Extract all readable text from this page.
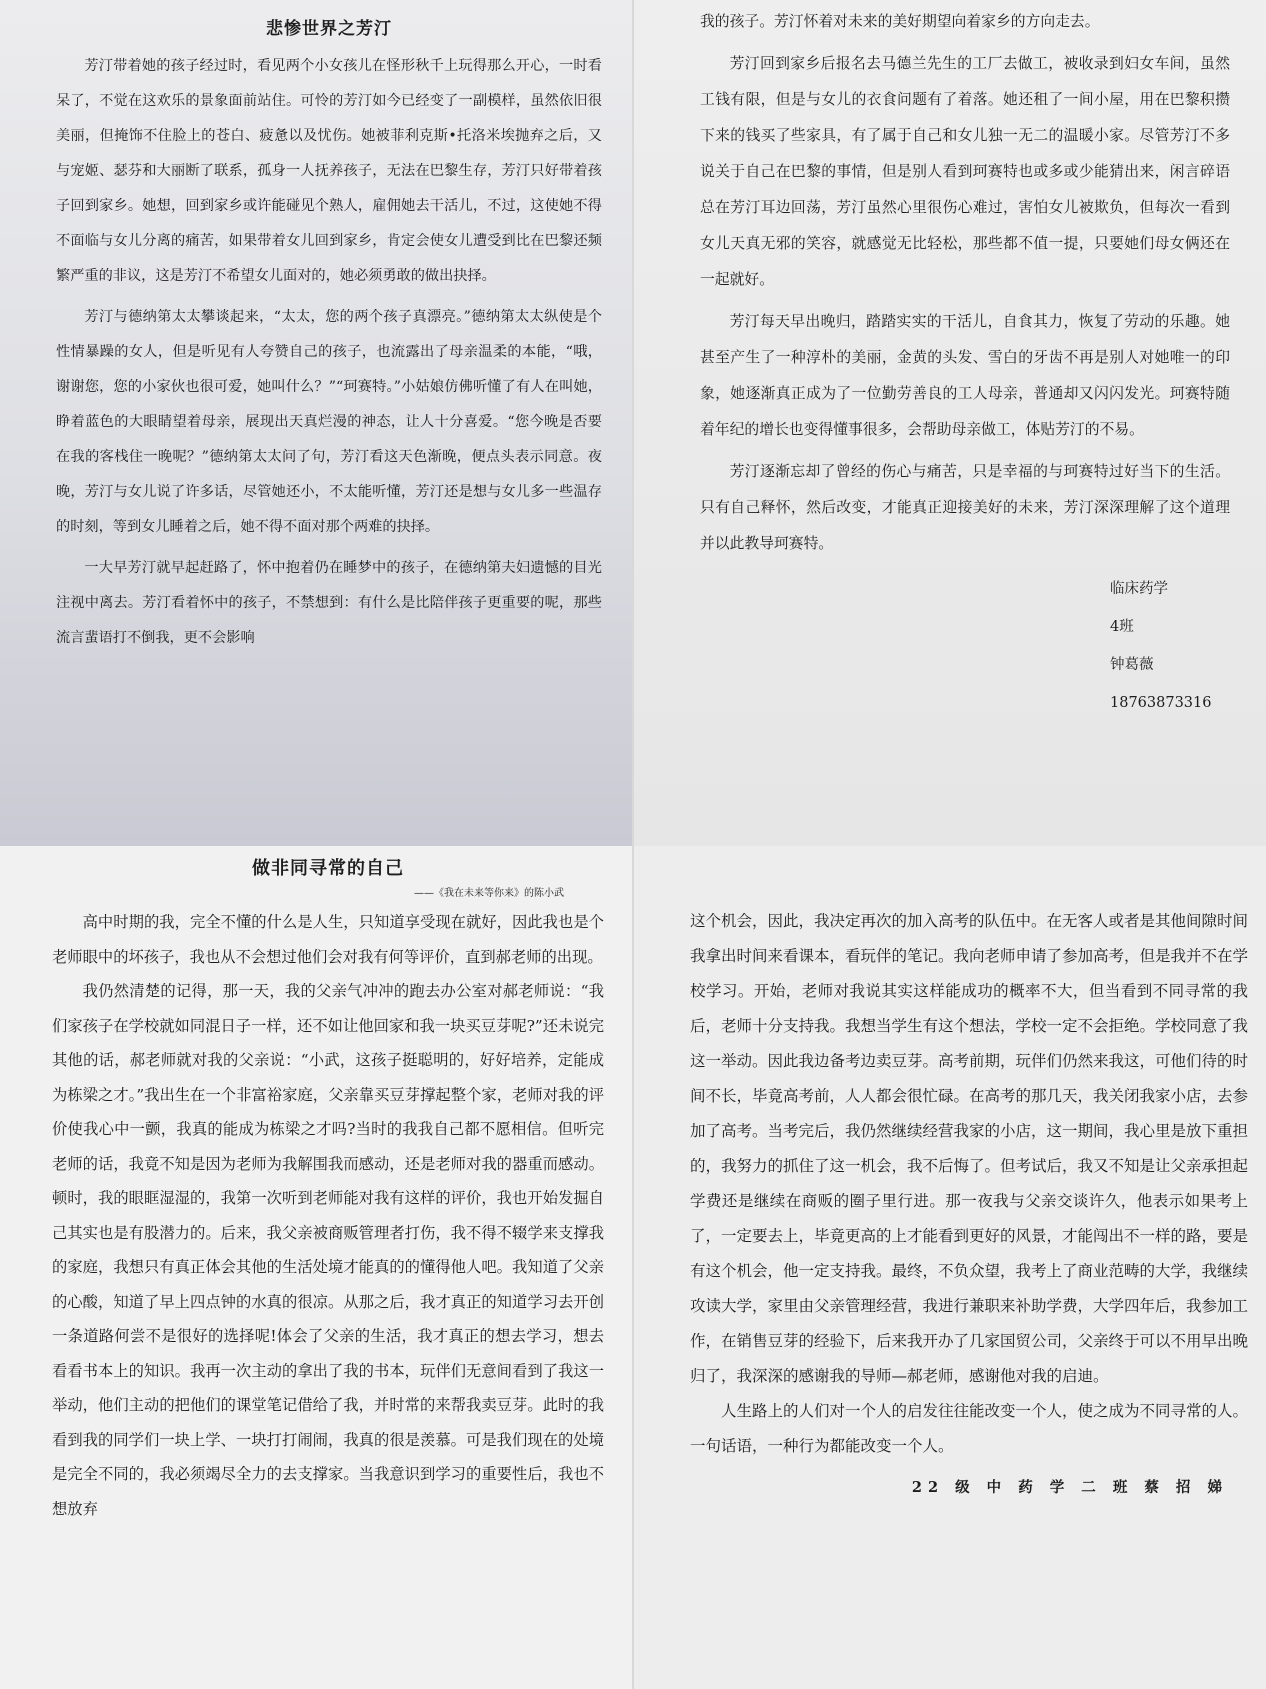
悲惨世界之芳汀

芳汀带着她的孩子经过时，看见两个小女孩儿在怪形秋千上玩得那么开心，一时看呆了，不觉在这欢乐的景象面前站住。可怜的芳汀如今已经变了一副模样，虽然依旧很美丽，但掩饰不住脸上的苍白、疲惫以及忧伤。她被菲利克斯•托洛米埃抛弃之后，又与宠姬、瑟芬和大丽断了联系，孤身一人抚养孩子，无法在巴黎生存，芳汀只好带着孩子回到家乡。她想，回到家乡或许能碰见个熟人，雇佣她去干活儿，不过，这使她不得不面临与女儿分离的痛苦，如果带着女儿回到家乡，肯定会使女儿遭受到比在巴黎还频繁严重的非议，这是芳汀不希望女儿面对的，她必须勇敢的做出抉择。

芳汀与德纳第太太攀谈起来，“太太，您的两个孩子真漂亮。”德纳第太太纵使是个性情暴躁的女人，但是听见有人夸赞自己的孩子，也流露出了母亲温柔的本能，“哦，谢谢您，您的小家伙也很可爱，她叫什么？”“珂赛特。”小姑娘仿佛听懂了有人在叫她，睁着蓝色的大眼睛望着母亲，展现出天真烂漫的神态，让人十分喜爱。“您今晚是否要在我的客栈住一晚呢？”德纳第太太问了句，芳汀看这天色渐晚，便点头表示同意。夜晚，芳汀与女儿说了许多话，尽管她还小，不太能听懂，芳汀还是想与女儿多一些温存的时刻，等到女儿睡着之后，她不得不面对那个两难的抉择。

一大早芳汀就早起赶路了，怀中抱着仍在睡梦中的孩子，在德纳第夫妇遗憾的目光注视中离去。芳汀看着怀中的孩子，不禁想到：有什么是比陪伴孩子更重要的呢，那些流言蜚语打不倒我，更不会影响

我的孩子。芳汀怀着对未来的美好期望向着家乡的方向走去。

芳汀回到家乡后报名去马德兰先生的工厂去做工，被收录到妇女车间，虽然工钱有限，但是与女儿的衣食问题有了着落。她还租了一间小屋，用在巴黎积攒下来的钱买了些家具，有了属于自己和女儿独一无二的温暖小家。尽管芳汀不多说关于自己在巴黎的事情，但是别人看到珂赛特也或多或少能猜出来，闲言碎语总在芳汀耳边回荡，芳汀虽然心里很伤心难过，害怕女儿被欺负，但每次一看到女儿天真无邪的笑容，就感觉无比轻松，那些都不值一提，只要她们母女俩还在一起就好。

芳汀每天早出晚归，踏踏实实的干活儿，自食其力，恢复了劳动的乐趣。她甚至产生了一种淳朴的美丽，金黄的头发、雪白的牙齿不再是别人对她唯一的印象，她逐渐真正成为了一位勤劳善良的工人母亲，普通却又闪闪发光。珂赛特随着年纪的增长也变得懂事很多，会帮助母亲做工，体贴芳汀的不易。

芳汀逐渐忘却了曾经的伤心与痛苦，只是幸福的与珂赛特过好当下的生活。只有自己释怀，然后改变，才能真正迎接美好的未来，芳汀深深理解了这个道理并以此教导珂赛特。

临床药学
4班
钟葛薇
18763873316
做非同寻常的自己
——《我在未来等你来》的陈小武

高中时期的我，完全不懂的什么是人生，只知道享受现在就好，因此我也是个老师眼中的坏孩子，我也从不会想过他们会对我有何等评价，直到郝老师的出现。

我仍然清楚的记得，那一天，我的父亲气冲冲的跑去办公室对郝老师说：“我们家孩子在学校就如同混日子一样，还不如让他回家和我一块买豆芽呢?”还未说完其他的话，郝老师就对我的父亲说：“小武，这孩子挺聪明的，好好培养，定能成为栋梁之才。”我出生在一个非富裕家庭，父亲靠买豆芽撑起整个家，老师对我的评价使我心中一颤，我真的能成为栋梁之才吗?当时的我我自己都不愿相信。但听完老师的话，我竟不知是因为老师为我解围我而感动，还是老师对我的器重而感动。顿时，我的眼眶湿湿的，我第一次听到老师能对我有这样的评价，我也开始发掘自己其实也是有股潜力的。后来，我父亲被商贩管理者打伤，我不得不辍学来支撑我的家庭，我想只有真正体会其他的生活处境才能真的的懂得他人吧。我知道了父亲的心酸，知道了早上四点钟的水真的很凉。从那之后，我才真正的知道学习去开创一条道路何尝不是很好的选择呢!体会了父亲的生活，我才真正的想去学习，想去看看书本上的知识。我再一次主动的拿出了我的书本，玩伴们无意间看到了我这一举动，他们主动的把他们的课堂笔记借给了我，并时常的来帮我卖豆芽。此时的我看到我的同学们一块上学、一块打打闹闹，我真的很是羡慕。可是我们现在的处境是完全不同的，我必须竭尽全力的去支撑家。当我意识到学习的重要性后，我也不想放弃

这个机会，因此，我决定再次的加入高考的队伍中。在无客人或者是其他间隙时间我拿出时间来看课本，看玩伴的笔记。我向老师申请了参加高考，但是我并不在学校学习。开始，老师对我说其实这样能成功的概率不大，但当看到不同寻常的我后，老师十分支持我。我想当学生有这个想法，学校一定不会拒绝。学校同意了我这一举动。因此我边备考边卖豆芽。高考前期，玩伴们仍然来我这，可他们待的时间不长，毕竟高考前，人人都会很忙碌。在高考的那几天，我关闭我家小店，去参加了高考。当考完后，我仍然继续经营我家的小店，这一期间，我心里是放下重担的，我努力的抓住了这一机会，我不后悔了。但考试后，我又不知是让父亲承担起学费还是继续在商贩的圈子里行进。那一夜我与父亲交谈许久，他表示如果考上了，一定要去上，毕竟更高的上才能看到更好的风景，才能闯出不一样的路，要是有这个机会，他一定支持我。最终，不负众望，我考上了商业范畴的大学，我继续攻读大学，家里由父亲管理经营，我进行兼职来补助学费，大学四年后，我参加工作，在销售豆芽的经验下，后来我开办了几家国贸公司，父亲终于可以不用早出晚归了，我深深的感谢我的导师—郝老师，感谢他对我的启迪。

人生路上的人们对一个人的启发往往能改变一个人，使之成为不同寻常的人。一句话语，一种行为都能改变一个人。

22 级 中 药 学 二 班 蔡 招 娣
